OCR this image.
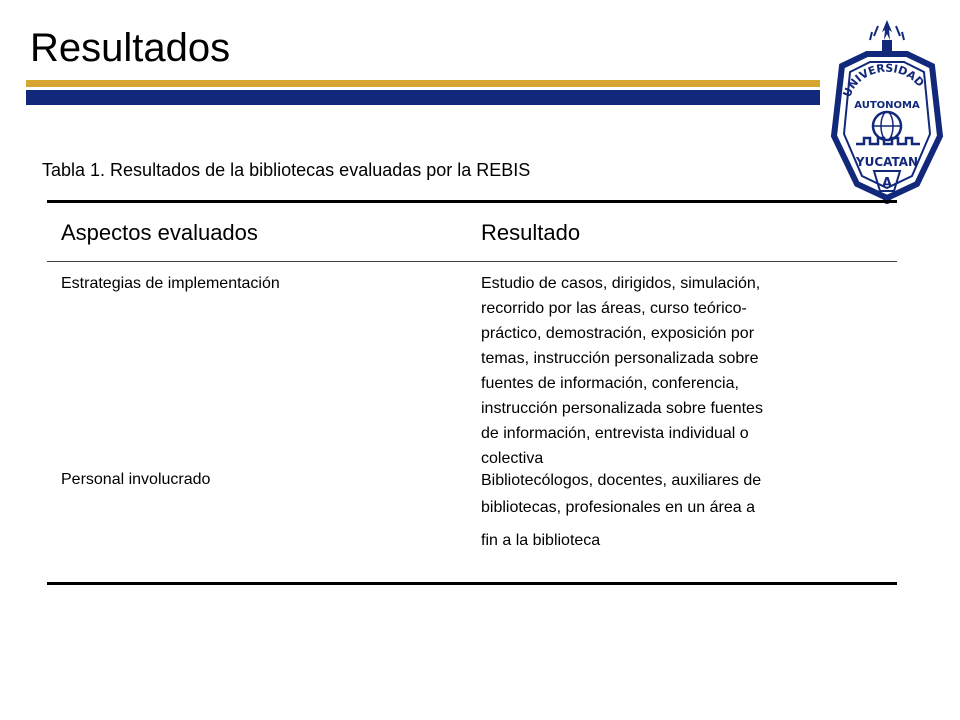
Resultados
UNIVERSIDAD
AUTONOMA
YUCATAN
A
Tabla 1. Resultados de la bibliotecas evaluadas por la REBIS
Aspectos evaluados	Resultado
Estrategias de implementación	Estudio de casos, dirigidos, simulación,
recorrido por las áreas, curso teórico-
práctico, demostración, exposición por
temas, instrucción personalizada sobre
fuentes de información, conferencia,
instrucción personalizada sobre fuentes
de información, entrevista individual o
colectiva
Personal involucrado	Bibliotecólogos, docentes, auxiliares de
bibliotecas, profesionales en un área a
fin a la biblioteca
